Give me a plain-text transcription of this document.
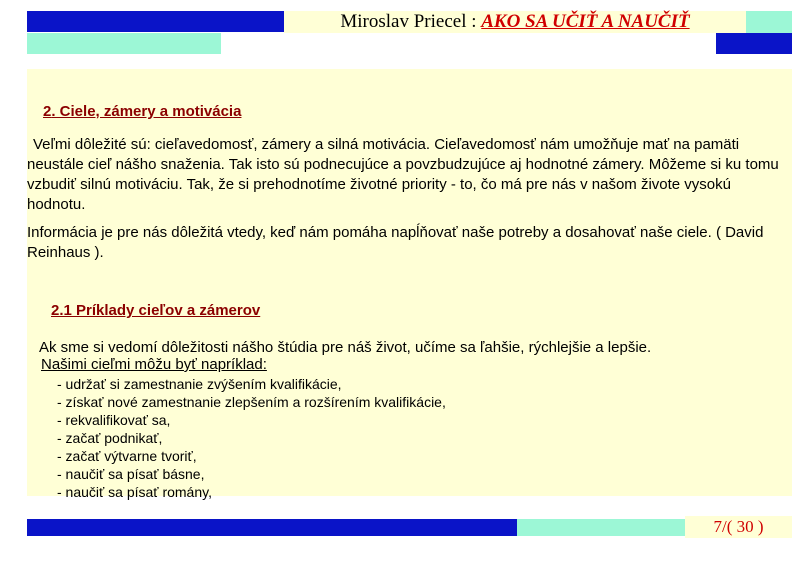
Miroslav Priecel : AKO SA UČIŤ A NAUČIŤ
2. Ciele, zámery a motivácia
Veľmi dôležité sú: cieľavedomosť, zámery a silná motivácia. Cieľavedomosť nám umožňuje mať na pamäti neustále cieľ nášho snaženia. Tak isto sú podnecujúce a povzbudzujúce aj hodnotné zámery. Môžeme si ku tomu vzbudiť silnú motiváciu. Tak, že si prehodnotíme životné priority - to, čo má pre nás v našom živote vysokú hodnotu.
Informácia je pre nás dôležitá vtedy, keď nám pomáha napĺňovať naše potreby a dosahovať naše ciele. ( David Reinhaus ).
2.1 Príklady cieľov a zámerov
Ak sme si vedomí dôležitosti nášho štúdia pre náš život, učíme sa ľahšie, rýchlejšie a lepšie.
Našimi cieľmi môžu byť napríklad:
- udržať si zamestnanie zvýšením kvalifikácie,
- získať nové zamestnanie zlepšením a rozšírením kvalifikácie,
- rekvalifikovať sa,
- začať podnikať,
- začať výtvarne tvoriť,
- naučiť sa písať básne,
- naučiť sa písať romány,
7/( 30 )
